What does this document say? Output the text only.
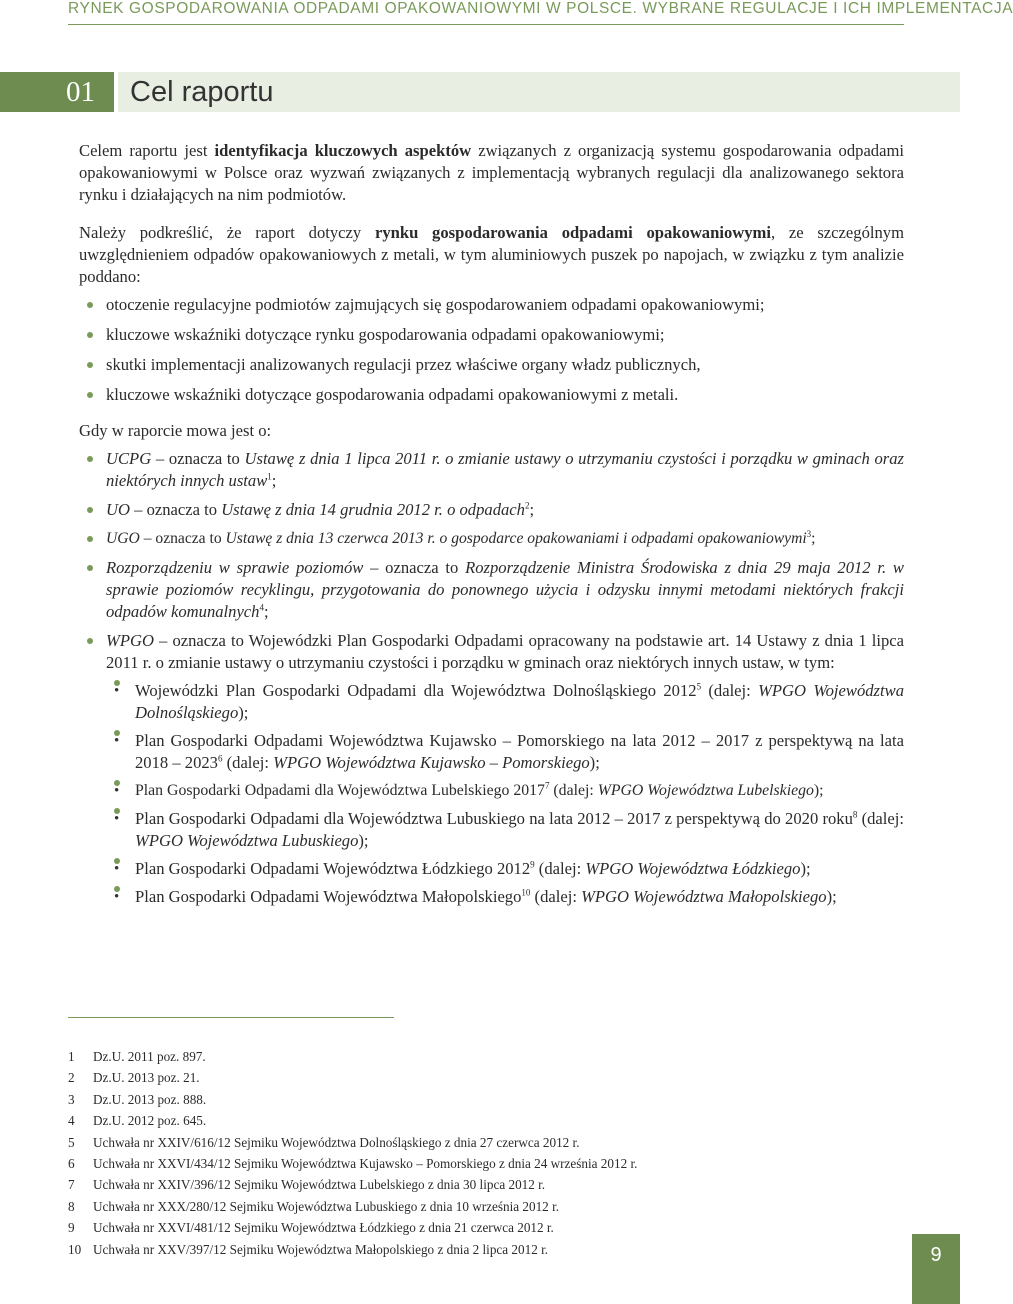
RYNEK GOSPODAROWANIA ODPADAMI OPAKOWANIOWYMI W POLSCE. WYBRANE REGULACJE I ICH IMPLEMENTACJA
01	Cel raportu

Celem raportu jest identyfikacja kluczowych aspektów związanych z organizacją systemu gospodarowania odpadami opakowaniowymi w Polsce oraz wyzwań związanych z implementacją wybranych regulacji dla analizowanego sektora rynku i działających na nim podmiotów.

Należy podkreślić, że raport dotyczy rynku gospodarowania odpadami opakowaniowymi, ze szczególnym uwzględnieniem odpadów opakowaniowych z metali, w tym aluminiowych puszek po napojach, w związku z tym analizie poddano:

otoczenie regulacyjne podmiotów zajmujących się gospodarowaniem odpadami opakowaniowymi;
kluczowe wskaźniki dotyczące rynku gospodarowania odpadami opakowaniowymi;
skutki implementacji analizowanych regulacji przez właściwe organy władz publicznych,
kluczowe wskaźniki dotyczące gospodarowania odpadami opakowaniowymi z metali.

Gdy w raporcie mowa jest o:

UCPG – oznacza to Ustawę z dnia 1 lipca 2011 r. o zmianie ustawy o utrzymaniu czystości i porządku w gminach oraz niektórych innych ustaw$^1$;
UO – oznacza to Ustawę z dnia 14 grudnia 2012 r. o odpadach$^2$;
UGO – oznacza to Ustawę z dnia 13 czerwca 2013 r. o gospodarce opakowaniami i odpadami opakowaniowymi$^3$;
Rozporządzeniu w sprawie poziomów – oznacza to Rozporządzenie Ministra Środowiska z dnia 29 maja 2012 r. w sprawie poziomów recyklingu, przygotowania do ponownego użycia i odzysku innymi metodami niektórych frakcji odpadów komunalnych$^4$;
WPGO – oznacza to Wojewódzki Plan Gospodarki Odpadami opracowany na podstawie art. 14 Ustawy z dnia 1 lipca 2011 r. o zmianie ustawy o utrzymaniu czystości i porządku w gminach oraz niektórych innych ustaw, w tym:
• Wojewódzki Plan Gospodarki Odpadami dla Województwa Dolnośląskiego 2012$^5$ (dalej: WPGO Województwa Dolnośląskiego);
• Plan Gospodarki Odpadami Województwa Kujawsko – Pomorskiego na lata 2012 – 2017 z perspektywą na lata 2018 – 2023$^6$ (dalej: WPGO Województwa Kujawsko – Pomorskiego);
• Plan Gospodarki Odpadami dla Województwa Lubelskiego 2017$^7$ (dalej: WPGO Województwa Lubelskiego);
• Plan Gospodarki Odpadami dla Województwa Lubuskiego na lata 2012 – 2017 z perspektywą do 2020 roku$^8$ (dalej: WPGO Województwa Lubuskiego);
• Plan Gospodarki Odpadami Województwa Łódzkiego 2012$^9$ (dalej: WPGO Województwa Łódzkiego);
• Plan Gospodarki Odpadami Województwa Małopolskiego$^{10}$ (dalej: WPGO Województwa Małopolskiego);
1	Dz.U. 2011 poz. 897.
2	Dz.U. 2013 poz. 21.
3	Dz.U. 2013 poz. 888.
4	Dz.U. 2012 poz. 645.
5	Uchwała nr XXIV/616/12 Sejmiku Województwa Dolnośląskiego z dnia 27 czerwca 2012 r.
6	Uchwała nr XXVI/434/12 Sejmiku Województwa Kujawsko – Pomorskiego z dnia 24 września 2012 r.
7	Uchwała nr XXIV/396/12 Sejmiku Województwa Lubelskiego z dnia 30 lipca 2012 r.
8	Uchwała nr XXX/280/12 Sejmiku Województwa Lubuskiego z dnia 10 września 2012 r.
9	Uchwała nr XXVI/481/12 Sejmiku Województwa Łódzkiego z dnia 21 czerwca 2012 r.
10 Uchwała nr XXV/397/12 Sejmiku Województwa Małopolskiego z dnia 2 lipca 2012 r.	9
